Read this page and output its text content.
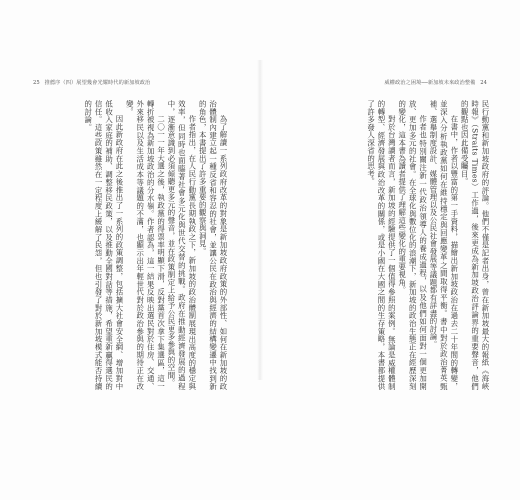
25 推薦序（四）展望幾會光耀時代的新加坡政治

為了解讀一系列政府改革的對象是新加坡政府政策的外部性、如何在新加坡的政治體制內建立起一種反省和容忍的社會，並讓公民在政治與經濟的結構變遷中找到新的角色，本書提出了許多重要的觀察與洞見。

作者指出，在人民行動黨長期執政之下，新加坡的政治體制展現出高度的穩定與效率，但同時也面臨著社會多元化與世代交替的挑戰。政府在推動經濟發展的過程中，逐漸意識到必須傾聽更多元的聲音，並在政策制定上給予公民更多參與的空間。

二〇一一年大選之後，執政黨的得票率明顯下滑，反對黨首次拿下集選區，這一轉折被視為新加坡政治的分水嶺。作者認為，這一結果反映出選民對於住房、交通、外來移民以及生活成本等議題的不滿，也顯示出年輕世代對於政治參與的期待正在改變。

因此新政府在此之後推出了一系列的政策調整，包括擴大社會安全網、增加對中低收入家庭的補助、調整移民政策，以及推動全國對話等措施，希望重新贏得選民的信任。這些政策雖然在一定程度上緩解了民怨，但也引發了對於新加坡模式能否持續的討論。

威權政治之困境──新加坡未來政治整備 24

民行動黨和新加坡政府的評論。他們不僅是記者出身，曾在新加坡最大的報紙《海峽時報》（Straits Times）工作過，後來更成為新加坡政治評論界的重要聲音，他們的觀點也因此備受矚目。

在書中，作者以豐富的第一手資料，描繪出新加坡政治在過去二十年間的轉變，並深入分析執政黨如何在維持穩定與回應變革之間取得平衡。書中對於政治菁英甄補、選舉制度設計、媒體管理以及公民社會發展等議題都有詳盡的討論。

作者也特別關注新一代政治領導人的養成過程，以及他們如何面對一個更加開放、更加多元的社會。在全球化與數位化的浪潮下，新加坡的政治生態正在經歷深刻的變化，這本書為讀者提供了理解這些變化的重要視角。

對於台灣讀者而言，新加坡的經驗提供了一個值得參照的案例。無論是威權體制的轉型、經濟發展與政治改革的關係，或是小國在大國之間的生存策略，本書都提供了許多發人深省的思考。
